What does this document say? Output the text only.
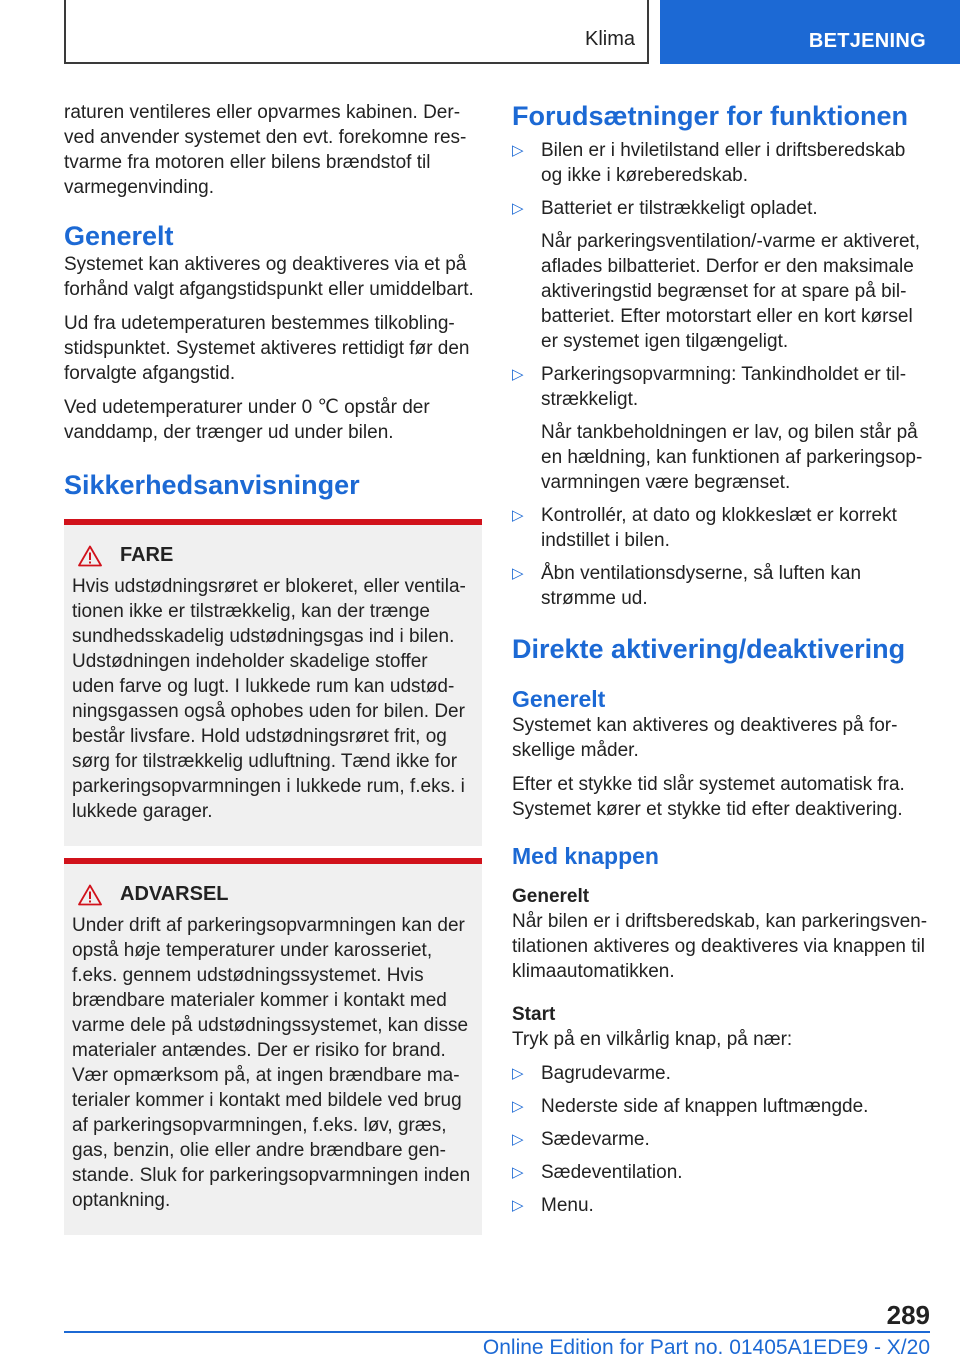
Klima	BETJENING

raturen ventileres eller opvarmes kabinen. Derved anvender systemet den evt. forekomne restvarme fra motoren eller bilens brændstof til varmegenvinding.

Generelt

Systemet kan aktiveres og deaktiveres via et på forhånd valgt afgangstidspunkt eller umiddelbart.

Ud fra udetemperaturen bestemmes tilkoblingstidspunktet. Systemet aktiveres rettidigt før den forvalgte afgangstid.

Ved udetemperaturer under 0 ℃ opstår der vanddamp, der trænger ud under bilen.

Sikkerhedsanvisninger
FARE

Hvis udstødningsrøret er blokeret, eller ventilationen ikke er tilstrækkelig, kan der trænge sundhedsskadelig udstødningsgas ind i bilen. Udstødningen indeholder skadelige stoffer uden farve og lugt. I lukkede rum kan udstødningsgassen også ophobes uden for bilen. Der består livsfare. Hold udstødningsrøret frit, og sørg for tilstrækkelig udluftning. Tænd ikke for parkeringsopvarmningen i lukkede rum, f.eks. i lukkede garager.

ADVARSEL

Under drift af parkeringsopvarmningen kan der opstå høje temperaturer under karosseriet, f.eks. gennem udstødningssystemet. Hvis brændbare materialer kommer i kontakt med varme dele på udstødningssystemet, kan disse materialer antændes. Der er risiko for brand. Vær opmærksom på, at ingen brændbare materialer kommer i kontakt med bildele ved brug af parkeringsopvarmningen, f.eks. løv, græs, gas, benzin, olie eller andre brændbare genstande. Sluk for parkeringsopvarmningen inden optankning.

Forudsætninger for funktionen
▷ Bilen er i hviletilstand eller i driftsberedskab og ikke i køreberedskab.
▷ Batteriet er tilstrækkeligt opladet.
Når parkeringsventilation/-varme er aktiveret, aflades bilbatteriet. Derfor er den maksimale aktiveringstid begrænset for at spare på bilbatteriet. Efter motorstart eller en kort kørsel er systemet igen tilgængeligt.
▷ Parkeringsopvarmning: Tankindholdet er tilstrækkeligt.
Når tankbeholdningen er lav, og bilen står på en hældning, kan funktionen af parkeringsopvarmningen være begrænset.
▷ Kontrollér, at dato og klokkeslæt er korrekt indstillet i bilen.
▷ Åbn ventilationsdyserne, så luften kan strømme ud.
Direkte aktivering/deaktivering
Generelt

Systemet kan aktiveres og deaktiveres på forskellige måder.

Efter et stykke tid slår systemet automatisk fra. Systemet kører et stykke tid efter deaktivering.

Med knappen
Generelt

Når bilen er i driftsberedskab, kan parkeringsventilationen aktiveres og deaktiveres via knappen til klimaautomatikken.

Start

Tryk på en vilkårlig knap, på nær:

▷ Bagrudevarme.
▷ Nederste side af knappen luftmængde.
▷ Sædevarme.
▷ Sædeventilation.
▷ Menu.
289
Online Edition for Part no. 01405A1EDE9 - X/20
